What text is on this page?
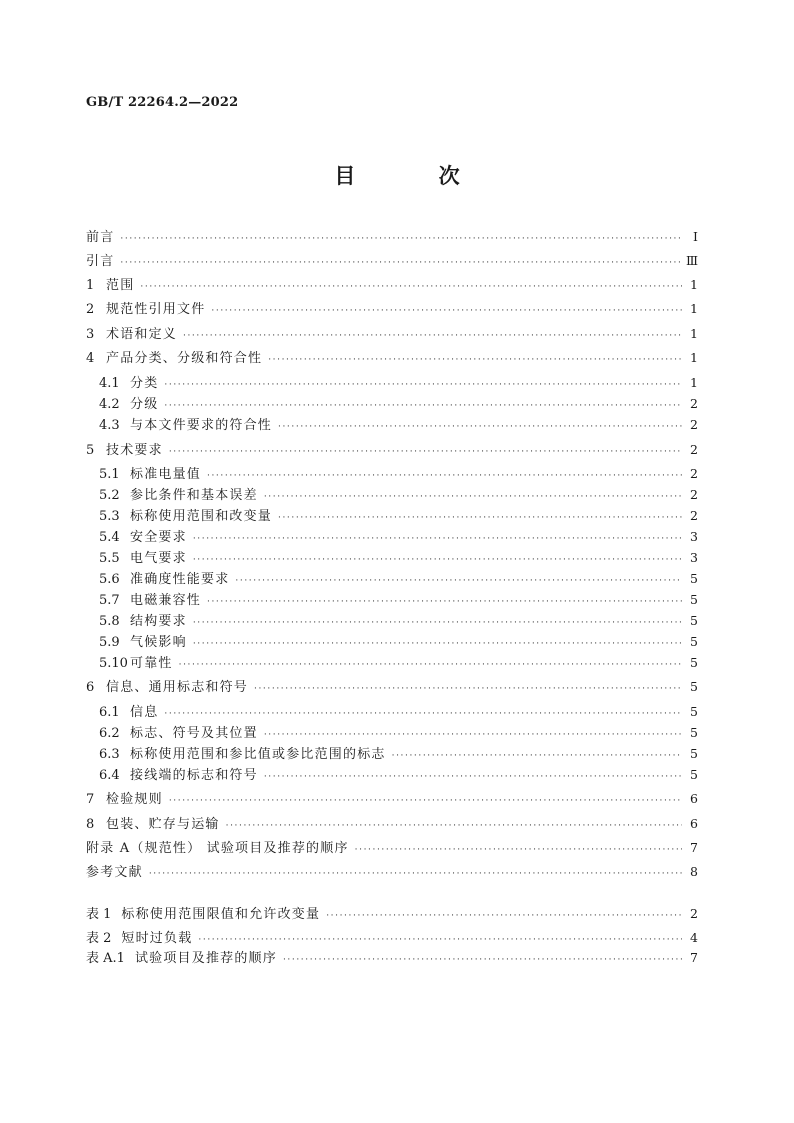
GB/T 22264.2—2022
目 次
前言 ·····	Ⅰ
引言 ·····	Ⅲ
1 范围 ·····	1
2 规范性引用文件 ·····	1
3 术语和定义 ·····	1
4 产品分类、分级和符合性 ·····	1
4.1 分类 ·····	1
4.2 分级 ·····	2
4.3 与本文件要求的符合性 ·····	2
5 技术要求 ·····	2
5.1 标准电量值 ·····	2
5.2 参比条件和基本误差 ·····	2
5.3 标称使用范围和改变量 ·····	2
5.4 安全要求 ·····	3
5.5 电气要求 ·····	3
5.6 准确度性能要求 ·····	5
5.7 电磁兼容性 ·····	5
5.8 结构要求 ·····	5
5.9 气候影响 ·····	5
5.10 可靠性 ·····	5
6 信息、通用标志和符号 ·····	5
6.1 信息 ·····	5
6.2 标志、符号及其位置 ·····	5
6.3 标称使用范围和参比值或参比范围的标志 ·····	5
6.4 接线端的标志和符号 ·····	5
7 检验规则 ·····	6
8 包装、贮存与运输 ·····	6
附录 A（规范性） 试验项目及推荐的顺序 ·····	7
参考文献 ·····	8
表 1 标称使用范围限值和允许改变量 ·····	2
表 2 短时过负载 ·····	4
表 A.1 试验项目及推荐的顺序 ·····	7
